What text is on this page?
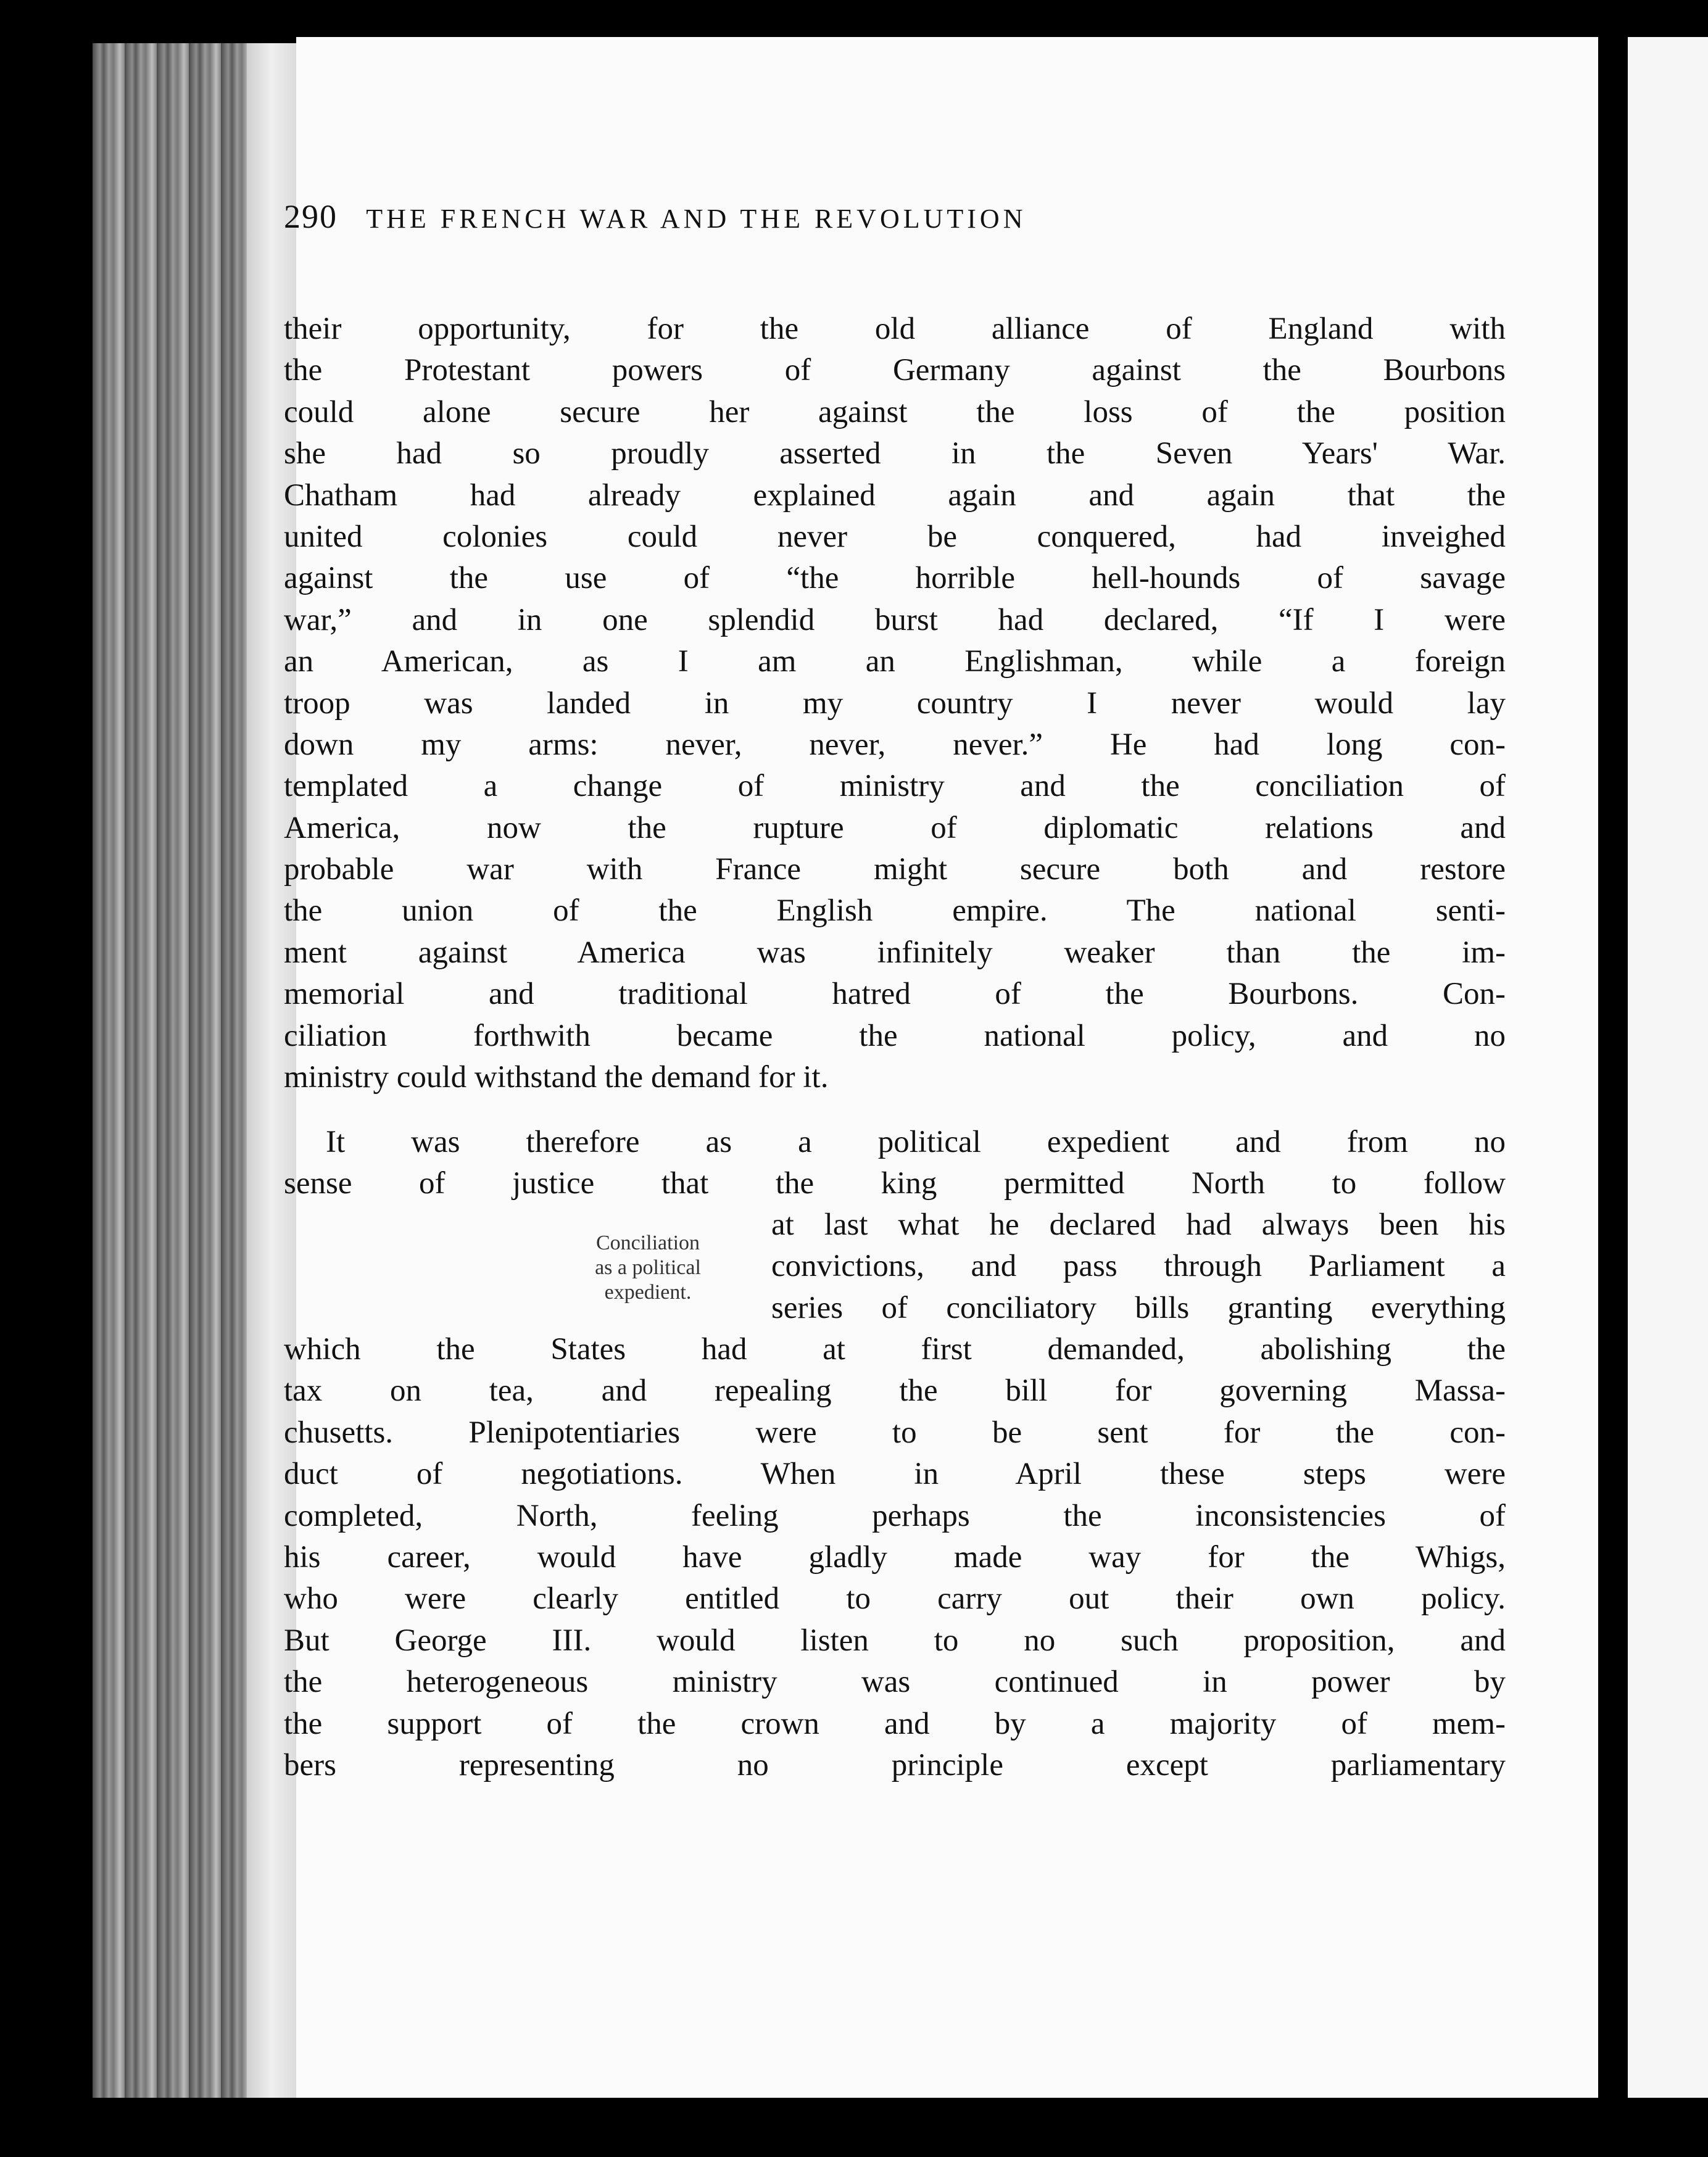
290 THE FRENCH WAR AND THE REVOLUTION
their opportunity, for the old alliance of England with
the Protestant powers of Germany against the Bourbons
could alone secure her against the loss of the position
she had so proudly asserted in the Seven Years' War.
Chatham had already explained again and again that the
united colonies could never be conquered, had inveighed
against the use of “the horrible hell-hounds of savage
war,” and in one splendid burst had declared, “If I were
an American, as I am an Englishman, while a foreign
troop was landed in my country I never would lay
down my arms: never, never, never.” He had long con-
templated a change of ministry and the conciliation of
America, now the rupture of diplomatic relations and
probable war with France might secure both and restore
the union of the English empire. The national senti-
ment against America was infinitely weaker than the im-
memorial and traditional hatred of the Bourbons. Con-
ciliation forthwith became the national policy, and no
ministry could withstand the demand for it.
It was therefore as a political expedient and from no
sense of justice that the king permitted North to follow
Conciliation
as a political
expedient.
at last what he declared had always been his
convictions, and pass through Parliament a
series of conciliatory bills granting everything
which the States had at first demanded, abolishing the
tax on tea, and repealing the bill for governing Massa-
chusetts. Plenipotentiaries were to be sent for the con-
duct of negotiations. When in April these steps were
completed, North, feeling perhaps the inconsistencies of
his career, would have gladly made way for the Whigs,
who were clearly entitled to carry out their own policy.
But George III. would listen to no such proposition, and
the heterogeneous ministry was continued in power by
the support of the crown and by a majority of mem-
bers representing no principle except parliamentary
